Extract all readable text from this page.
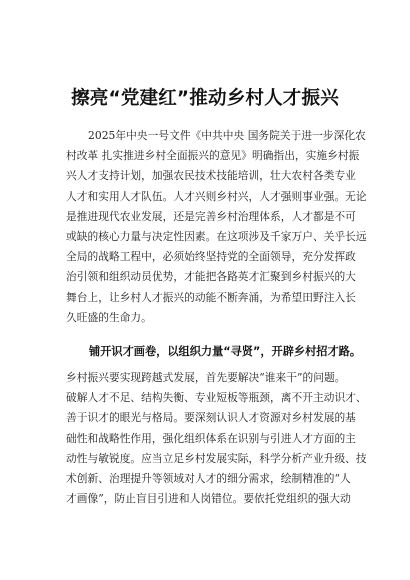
擦亮“党建红”推动乡村人才振兴
2025年中央一号文件《中共中央 国务院关于进一步深化农
村改革 扎实推进乡村全面振兴的意见》明确指出，实施乡村振
兴人才支持计划，加强农民技术技能培训，壮大农村各类专业
人才和实用人才队伍。人才兴则乡村兴，人才强则事业强。无论
是推进现代农业发展，还是完善乡村治理体系，人才都是不可
或缺的核心力量与决定性因素。在这项涉及千家万户、关乎长远
全局的战略工程中，必须始终坚持党的全面领导，充分发挥政
治引领和组织动员优势，才能把各路英才汇聚到乡村振兴的大
舞台上，让乡村人才振兴的动能不断奔涌，为希望田野注入长
久旺盛的生命力。
铺开识才画卷，以组织力量“寻贤”，开辟乡村招才路。
乡村振兴要实现跨越式发展，首先要解决“谁来干”的问题。
破解人才不足、结构失衡、专业短板等瓶颈，离不开主动识才、
善于识才的眼光与格局。要深刻认识人才资源对乡村发展的基
础性和战略性作用，强化组织体系在识别与引进人才方面的主
动性与敏锐度。应当立足乡村发展实际，科学分析产业升级、技
术创新、治理提升等领域对人才的细分需求，绘制精准的“人
才画像”，防止盲目引进和人岗错位。要依托党组织的强大动
